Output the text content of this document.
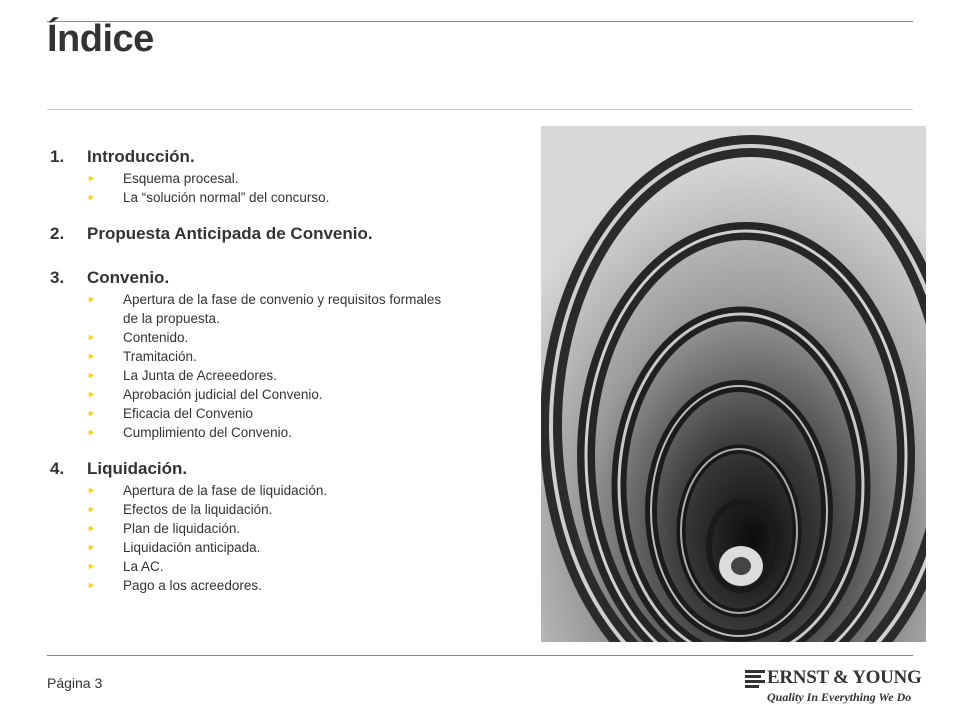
Índice
1.	Introducción.
►	Esquema procesal.
►	La “solución normal” del concurso.
2.	Propuesta Anticipada de Convenio.
3.	Convenio.
►	Apertura de la fase de convenio y requisitos formales de la propuesta.
►	Contenido.
►	Tramitación.
►	La Junta de Acreeedores.
►	Aprobación judicial del Convenio.
►	Eficacia del Convenio
►	Cumplimiento del Convenio.
4.	Liquidación.
►	Apertura de la fase de liquidación.
►	Efectos de la liquidación.
►	Plan de liquidación.
►	Liquidación anticipada.
►	La AC.
►	Pago a los acreedores.
Página 3	ERNST & YOUNG
Quality In Everything We Do
